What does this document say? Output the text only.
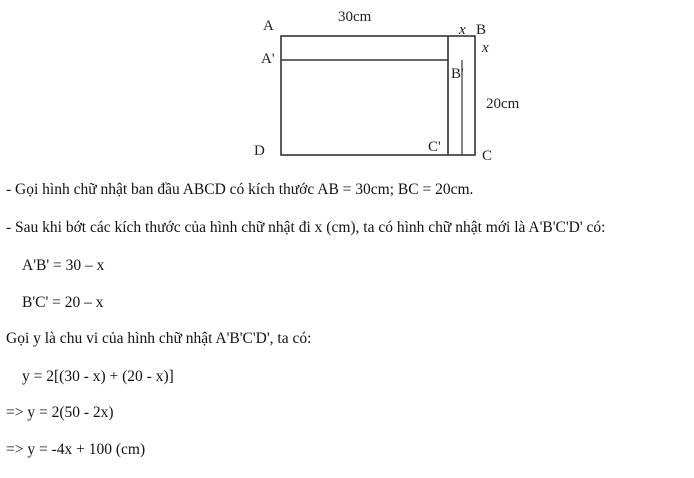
A	B
C
D
A'
B'
C'
30cm
20cm
x
x
- Gọi hình chữ nhật ban đầu ABCD có kích thước AB = 30cm; BC = 20cm.
- Sau khi bớt các kích thước của hình chữ nhật đi x (cm), ta có hình chữ nhật mới là A'B'C'D' có:
A'B' = 30 – x
B'C' = 20 – x
Gọi y là chu vi của hình chữ nhật A'B'C'D', ta có:
y = 2[(30 - x) + (20 - x)]
=> y = 2(50 - 2x)
=> y = -4x + 100 (cm)
